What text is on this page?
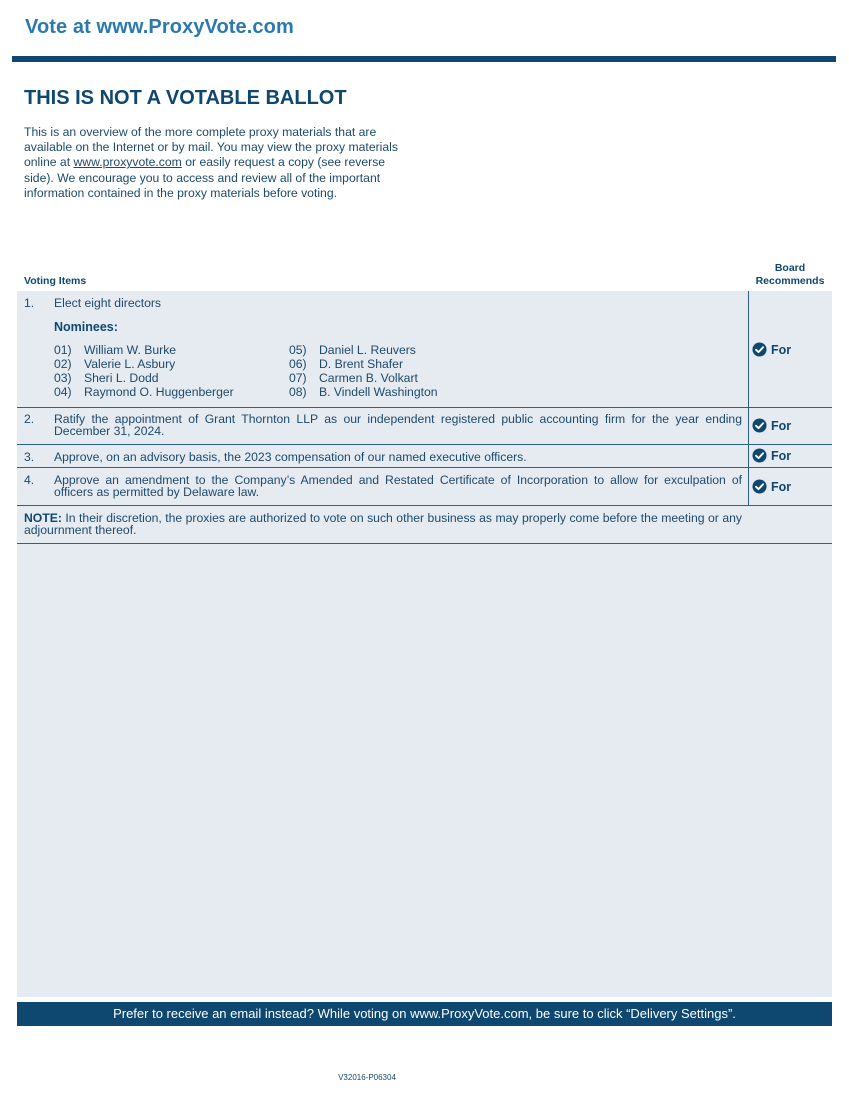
Vote at www.ProxyVote.com
THIS IS NOT A VOTABLE BALLOT
This is an overview of the more complete proxy materials that are available on the Internet or by mail. You may view the proxy materials online at www.proxyvote.com or easily request a copy (see reverse side). We encourage you to access and review all of the important information contained in the proxy materials before voting.
Voting Items
Board
Recommends
1. Elect eight directors
Nominees:
01) William W. Burke
02) Valerie L. Asbury
03) Sheri L. Dodd
04) Raymond O. Huggenberger
05) Daniel L. Reuvers
06) D. Brent Shafer
07) Carmen B. Volkart
08) B. Vindell Washington
For
2. Ratify the appointment of Grant Thornton LLP as our independent registered public accounting firm for the year ending December 31, 2024.	For
3. Approve, on an advisory basis, the 2023 compensation of our named executive officers.	For
4. Approve an amendment to the Company’s Amended and Restated Certificate of Incorporation to allow for exculpation of officers as permitted by Delaware law.	For
NOTE: In their discretion, the proxies are authorized to vote on such other business as may properly come before the meeting or any adjournment thereof.
Prefer to receive an email instead? While voting on www.ProxyVote.com, be sure to click “Delivery Settings”.
V32016-P06304
